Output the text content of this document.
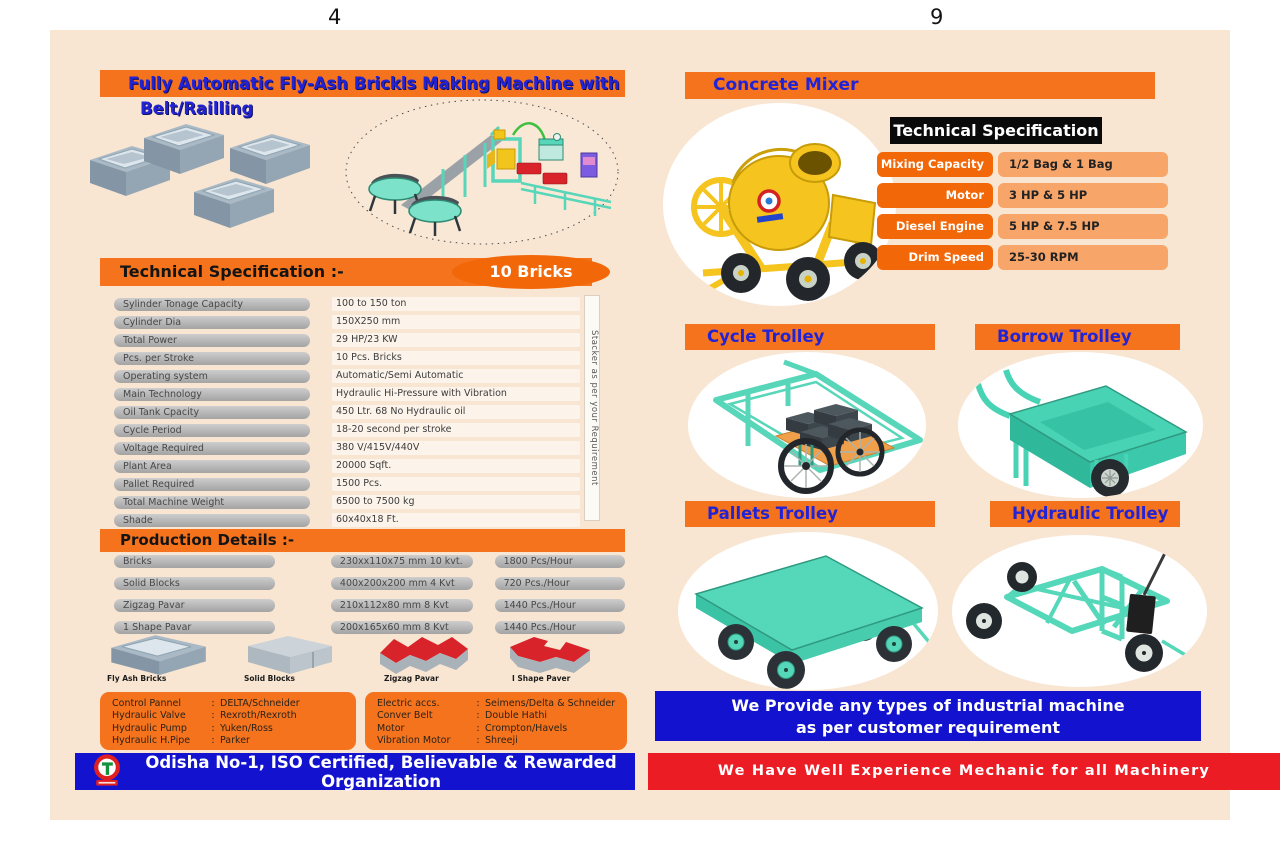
4	9
Fully Automatic Fly-Ash Brickls Making Machine with
Belt/Railling
Technical Specification :-	10 Bricks
Sylinder Tonage Capacity	100 to 150 ton
Cylinder Dia	150X250 mm
Total Power	29 HP/23 KW
Pcs. per Stroke	10 Pcs. Bricks
Operating system	Automatic/Semi Automatic
Main Technology	Hydraulic Hi-Pressure with Vibration
Oil Tank Cpacity	450 Ltr. 68 No Hydraulic oil
Cycle Period	18-20 second per stroke
Voltage Required	380 V/415V/440V
Plant Area	20000 Sqft.
Pallet Required	1500 Pcs.
Total Machine Weight	6500 to 7500 kg
Shade	60x40x18 Ft.
Stacker as per your Requirement
Production Details :-
Bricks	230xx110x75 mm 10 kvt.	1800 Pcs/Hour
Solid Blocks	400x200x200 mm 4 Kvt	720 Pcs./Hour
Zigzag Pavar	210x112x80 mm 8 Kvt	1440 Pcs./Hour
1 Shape Pavar	200x165x60 mm 8 Kvt	1440 Pcs./Hour
Fly Ash Bricks	Solid Blocks	Zigzag Pavar	I Shape Paver
Control Pannel :	DELTA/Schneider
Hydraulic Valve :	Rexroth/Rexroth
Hydraulic Pump :	Yuken/Ross
Hydraulic H.Pipe :	Parker
Electric accs. :	Seimens/Delta & Schneider
Conver Belt :	Double Hathi
Motor :	Crompton/Havels
Vibration Motor :	Shreeji
Odisha No-1, ISO Certified, Believable & Rewarded Organization
Concrete Mixer
Technical Specification
Mixing Capacity	1/2 Bag & 1 Bag
Motor	3 HP & 5 HP
Diesel Engine	5 HP & 7.5 HP
Drim Speed	25-30 RPM
Cycle Trolley	Borrow Trolley
Pallets Trolley	Hydraulic Trolley
We Provide any types of industrial machine
as per customer requirement
We Have Well Experience Mechanic for all Machinery
